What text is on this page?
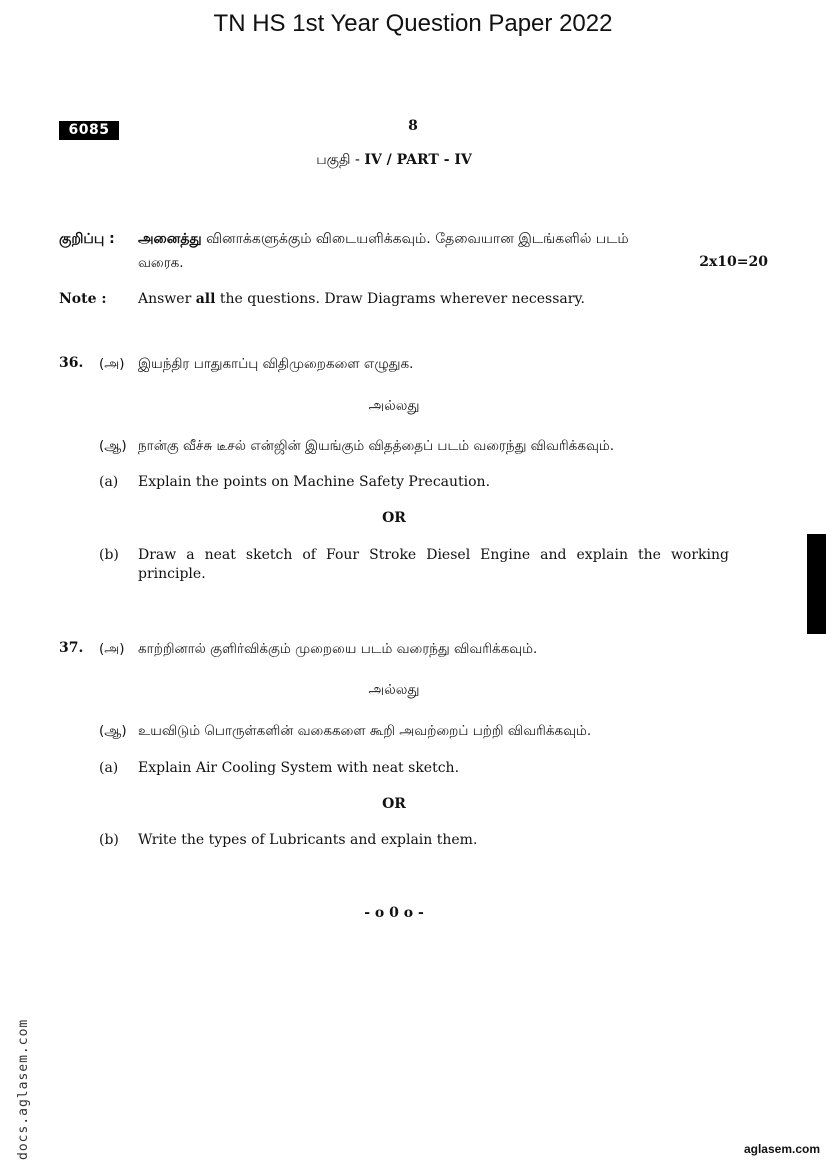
TN HS 1st Year Question Paper 2022
6085	8
பகுதி - IV / PART - IV
குறிப்பு : அனைத்து வினாக்களுக்கும் விடையளிக்கவும். தேவையான இடங்களில் படம்
வரைக.	2x10=20
Note : Answer all the questions. Draw Diagrams wherever necessary.
36. (அ) இயந்திர பாதுகாப்பு விதிமுறைகளை எழுதுக.
அல்லது
(ஆ) நான்கு வீச்சு டீசல் என்ஜின் இயங்கும் விதத்தைப் படம் வரைந்து விவரிக்கவும்.
(a) Explain the points on Machine Safety Precaution.
OR
(b) Draw a neat sketch of Four Stroke Diesel Engine and explain the working
principle.
37. (அ) காற்றினால் குளிர்விக்கும் முறையை படம் வரைந்து விவரிக்கவும்.
அல்லது
(ஆ) உயவிடும் பொருள்களின் வகைகளை கூறி அவற்றைப் பற்றி விவரிக்கவும்.
(a) Explain Air Cooling System with neat sketch.
OR
(b) Write the types of Lubricants and explain them.
- o 0 o -
docs.aglasem.com	aglasem.com
